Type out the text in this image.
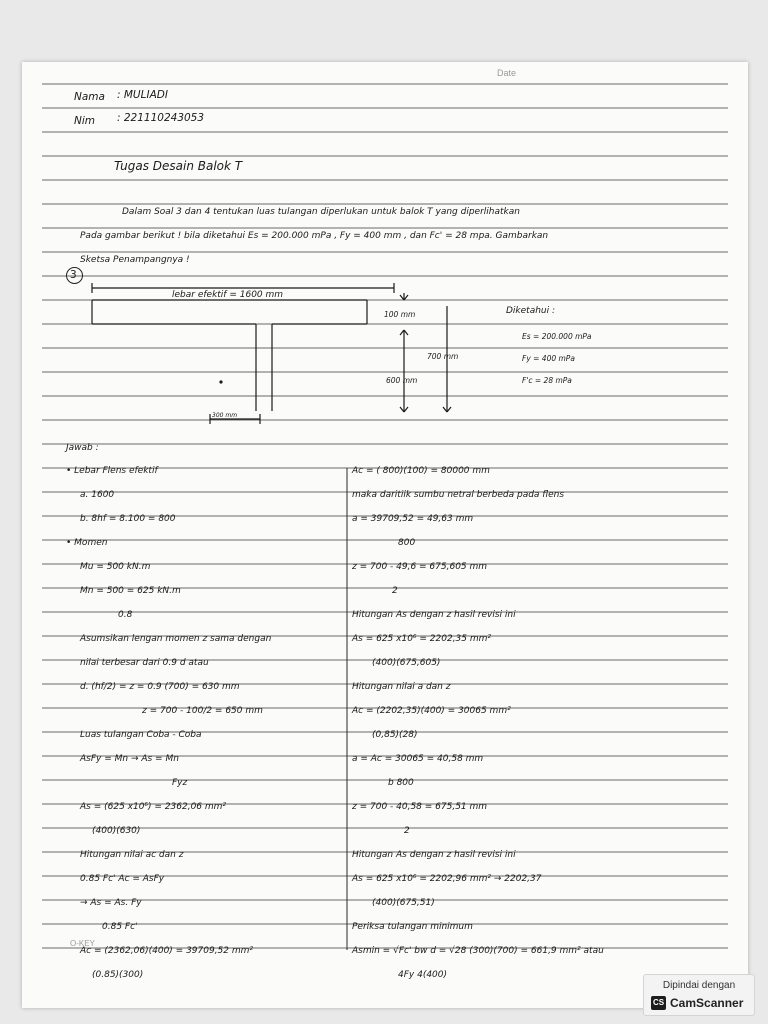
Date
Nama : MULIADI
Nim : 221110243053
Tugas Desain Balok T
Dalam Soal 3 dan 4 tentukan luas tulangan diperlukan untuk balok T yang diperlihatkan
Pada gambar berikut ! bila diketahui Es = 200.000 mPa , Fy = 400 mm , dan Fc' = 28 mpa. Gambarkan
Sketsa Penampangnya !
3
lebar efektif = 1600 mm
100 mm
700 mm
600 mm
300 mm
Diketahui :
Es = 200.000 mPa
Fy = 400 mPa
F'c = 28 mPa
Jawab :
• Lebar Flens efektif
a. 1600
b. 8hf = 8.100 = 800
• Momen
Mu = 500 kN.m
Mn = 500 = 625 kN.m
0.8
Asumsikan lengan momen z sama dengan
nilai terbesar dari 0.9 d atau
d. (hf/2) = z = 0.9 (700) = 630 mm
z = 700 - 100/2 = 650 mm
Luas tulangan Coba - Coba
AsFy = Mn → As = Mn
Fyz
As = (625 x10⁶) = 2362,06 mm²
(400)(630)
Hitungan nilai ac dan z
0.85 Fc' Ac = AsFy
→ As = As. Fy
0.85 Fc'
Ac = (2362,06)(400) = 39709,52 mm²
(0.85)(300)
Ac = ( 800)(100) = 80000 mm
maka daritiik sumbu netral berbeda pada flens
a = 39709,52 = 49,63 mm
800
z = 700 - 49,6 = 675,605 mm
2
Hitungan As dengan z hasil revisi ini
As = 625 x10⁶ = 2202,35 mm²
(400)(675,605)
Hitungan nilai a dan z
Ac = (2202,35)(400) = 30065 mm²
(0,85)(28)
a = Ac = 30065 = 40,58 mm
b 800
z = 700 - 40,58 = 675,51 mm
2
Hitungan As dengan z hasil revisi ini
As = 625 x10⁶ = 2202,96 mm² → 2202,37
(400)(675,51)
Periksa tulangan minimum
Asmin = √Fc' bw d = √28 (300)(700) = 661,9 mm² atau
4Fy 4(400)
O-KEY
Dipindai dengan
CS CamScanner
